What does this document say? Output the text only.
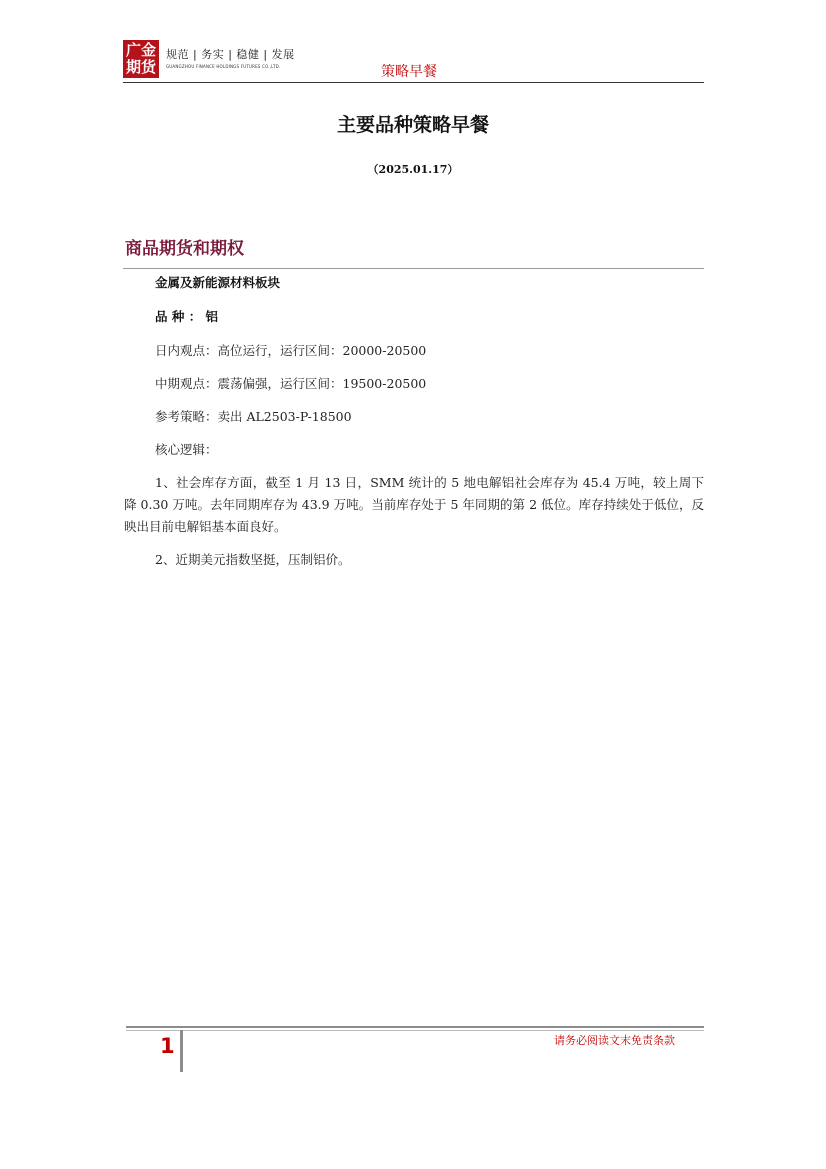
广金
期货
规范 | 务实 | 稳健 | 发展
GUANGZHOU FINANCE HOLDINGS FUTURES CO.,LTD.	策略早餐
主要品种策略早餐
（2025.01.17）
商品期货和期权
金属及新能源材料板块
品 种 ： 铝
日内观点：高位运行，运行区间：20000-20500
中期观点：震荡偏强，运行区间：19500-20500
参考策略：卖出 AL2503-P-18500
核心逻辑：
1、社会库存方面，截至 1 月 13 日，SMM 统计的 5 地电解铝社会库存为 45.4 万吨，较上周下降 0.30 万吨。去年同期库存为 43.9 万吨。当前库存处于 5 年同期的第 2 低位。库存持续处于低位，反映出目前电解铝基本面良好。
2、近期美元指数坚挺，压制铝价。
1	请务必阅读文末免责条款
